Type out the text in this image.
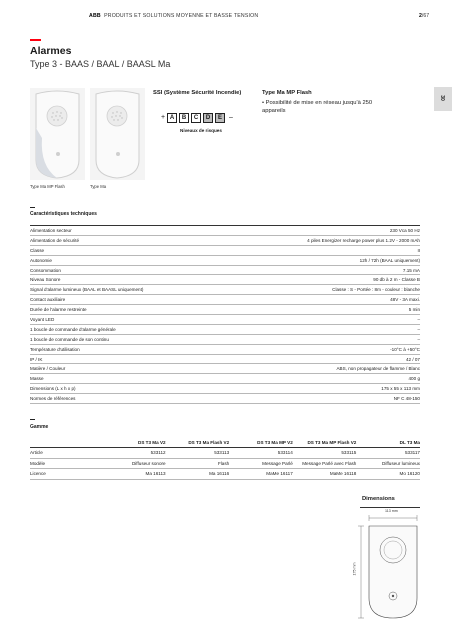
ABB PRODUITS ET SOLUTIONS MOYENNE ET BASSE TENSION	2/67
30
Alarmes
Type 3 - BAAS / BAAL / BAASL Ma
Type Ma MP Flash	Type Ma
SSI (Système Sécurité Incendie)
+ A	B	C	D	E	–
Niveaux de risques
Type Ma MP Flash
• Possibilité de mise en réseau jusqu'à 250 appareils
Caractéristiques techniques
Alimentation secteur	230 Vca 50 Hz
Alimentation de sécurité	4 piles Energizer recharge power plus 1.2V - 2000 mAh
Classe	II
Autonomie	12h / 72h (BAAL uniquement)
Consommation	7.15 mA
Niveau Sonore	90 db à 2 m - Classe B
Signal d'alarme lumineux (BAAL et BAASL uniquement)	Classe : S - Portée : 8m - couleur : blanche
Contact auxiliaire	48V - 3A maxi.
Durée de l'alarme restreinte	5 min
Voyant LED	–
1 boucle de commande d'alarme générale	–
1 boucle de commande de son continu	–
Température d'utilisation	-10°C à +50°C
IP / IK	42 / 07
Matière / Couleur	ABS, non propagateur de flamme / Blanc
Masse	400 g
Dimensions (L x h x p)	175 x 55 x 113 mm
Normes de références	NF C 48-150
Gamme
DS T3 Ma V2	DS T3 Ma Flash V2	DS T3 Ma MP V2	DS T3 Ma MP Flash V2	DL T3 Ma
Article	533112	533113	533114	533115	533117
Modèle	Diffuseur sonore	Flash	Message Parlé	Message Parlé avec Flash	Diffuseur lumineux
Licence	Ma 16113	Ma 16116	MaMe 16117	MaMe 16118	Mo 16120
Dimensions
113 mm
175 mm
